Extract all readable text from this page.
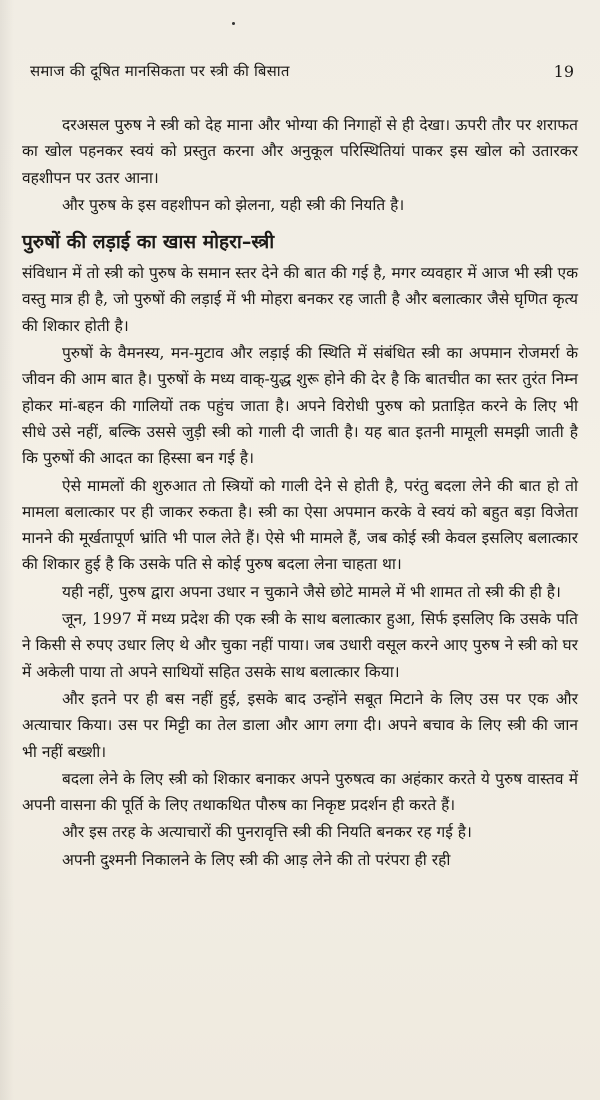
समाज की दूषित मानसिकता पर स्त्री की बिसात	19

दरअसल पुरुष ने स्त्री को देह माना और भोग्या की निगाहों से ही देखा। ऊपरी तौर पर शराफत का खोल पहनकर स्वयं को प्रस्तुत करना और अनुकूल परिस्थितियां पाकर इस खोल को उतारकर वहशीपन पर उतर आना।

और पुरुष के इस वहशीपन को झेलना, यही स्त्री की नियति है।

पुरुषों की लड़ाई का खास मोहरा–स्त्री

संविधान में तो स्त्री को पुरुष के समान स्तर देने की बात की गई है, मगर व्यवहार में आज भी स्त्री एक वस्तु मात्र ही है, जो पुरुषों की लड़ाई में भी मोहरा बनकर रह जाती है और बलात्कार जैसे घृणित कृत्य की शिकार होती है।

पुरुषों के वैमनस्य, मन-मुटाव और लड़ाई की स्थिति में संबंधित स्त्री का अपमान रोजमर्रा के जीवन की आम बात है। पुरुषों के मध्य वाक्-युद्ध शुरू होने की देर है कि बातचीत का स्तर तुरंत निम्न होकर मां-बहन की गालियों तक पहुंच जाता है। अपने विरोधी पुरुष को प्रताड़ित करने के लिए भी सीधे उसे नहीं, बल्कि उससे जुड़ी स्त्री को गाली दी जाती है। यह बात इतनी मामूली समझी जाती है कि पुरुषों की आदत का हिस्सा बन गई है।

ऐसे मामलों की शुरुआत तो स्त्रियों को गाली देने से होती है, परंतु बदला लेने की बात हो तो मामला बलात्कार पर ही जाकर रुकता है। स्त्री का ऐसा अपमान करके वे स्वयं को बहुत बड़ा विजेता मानने की मूर्खतापूर्ण भ्रांति भी पाल लेते हैं। ऐसे भी मामले हैं, जब कोई स्त्री केवल इसलिए बलात्कार की शिकार हुई है कि उसके पति से कोई पुरुष बदला लेना चाहता था।

यही नहीं, पुरुष द्वारा अपना उधार न चुकाने जैसे छोटे मामले में भी शामत तो स्त्री की ही है।

जून, 1997 में मध्य प्रदेश की एक स्त्री के साथ बलात्कार हुआ, सिर्फ इसलिए कि उसके पति ने किसी से रुपए उधार लिए थे और चुका नहीं पाया। जब उधारी वसूल करने आए पुरुष ने स्त्री को घर में अकेली पाया तो अपने साथियों सहित उसके साथ बलात्कार किया।

और इतने पर ही बस नहीं हुई, इसके बाद उन्होंने सबूत मिटाने के लिए उस पर एक और अत्याचार किया। उस पर मिट्टी का तेल डाला और आग लगा दी। अपने बचाव के लिए स्त्री की जान भी नहीं बख्शी।

बदला लेने के लिए स्त्री को शिकार बनाकर अपने पुरुषत्व का अहंकार करते ये पुरुष वास्तव में अपनी वासना की पूर्ति के लिए तथाकथित पौरुष का निकृष्ट प्रदर्शन ही करते हैं।

और इस तरह के अत्याचारों की पुनरावृत्ति स्त्री की नियति बनकर रह गई है।

अपनी दुश्मनी निकालने के लिए स्त्री की आड़ लेने की तो परंपरा ही रही
